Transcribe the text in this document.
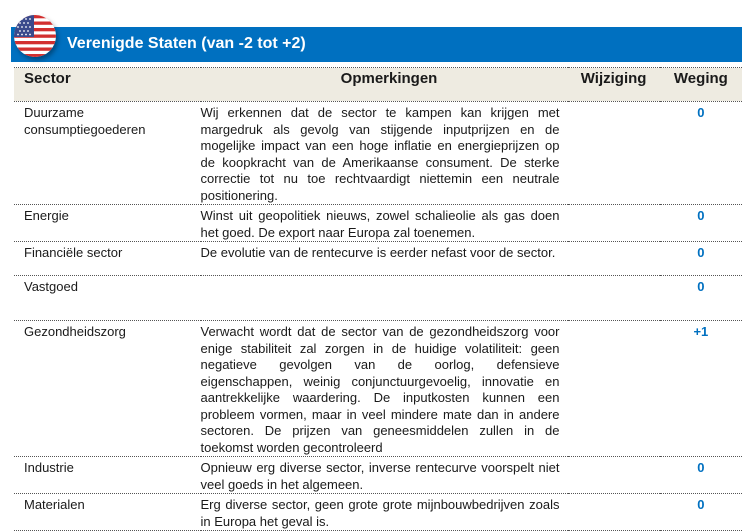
Verenigde Staten (van -2 tot +2)
Sector	Opmerkingen	Wijziging	Weging
Duurzame consumptiegoederen	Wij erkennen dat de sector te kampen kan krijgen met margedruk als gevolg van stijgende inputprijzen en de mogelijke impact van een hoge inflatie en energieprijzen op de koopkracht van de Amerikaanse consument. De sterke correctie tot nu toe rechtvaardigt niettemin een neutrale positionering.		0
Energie	Winst uit geopolitiek nieuws, zowel schalieolie als gas doen het goed. De export naar Europa zal toenemen.		0
Financiële sector	De evolutie van de rentecurve is eerder nefast voor de sector.		0
Vastgoed			0
Gezondheidszorg	Verwacht wordt dat de sector van de gezondheidszorg voor enige stabiliteit zal zorgen in de huidige volatiliteit: geen negatieve gevolgen van de oorlog, defensieve eigenschappen, weinig conjunctuurgevoelig, innovatie en aantrekkelijke waardering. De inputkosten kunnen een probleem vormen, maar in veel mindere mate dan in andere sectoren. De prijzen van geneesmiddelen zullen in de toekomst worden gecontroleerd		+1
Industrie	Opnieuw erg diverse sector, inverse rentecurve voorspelt niet veel goeds in het algemeen.		0
Materialen	Erg diverse sector, geen grote grote mijnbouwbedrijven zoals in Europa het geval is.		0
